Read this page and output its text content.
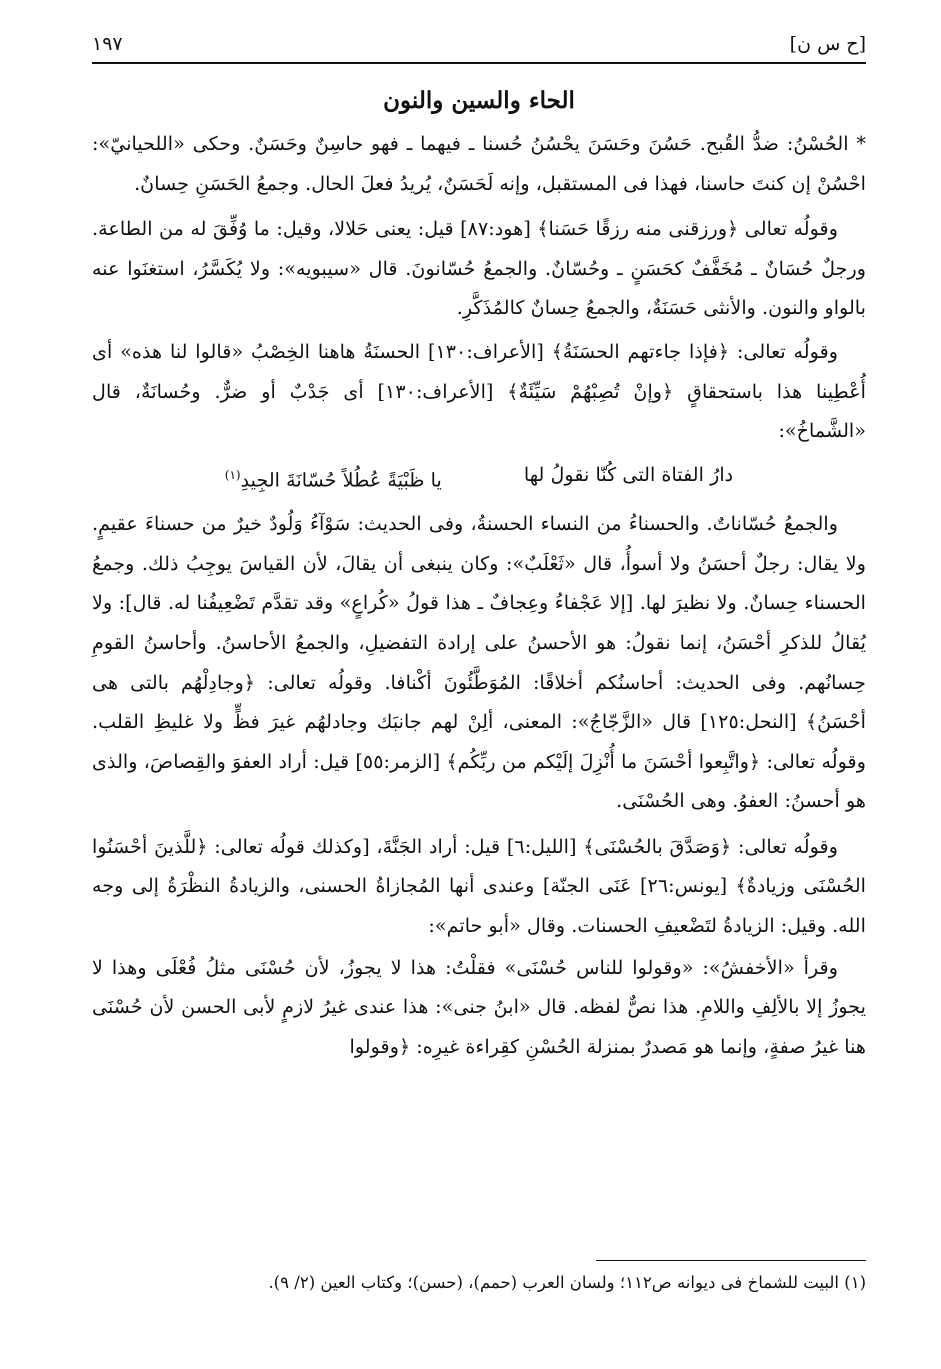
[ح س ن]
١٩٧
الحاء والسين والنون

* الحُسْنُ: ضدُّ القُبح. حَسُنَ وحَسَنَ يحْسُنُ حُسنا ـ فيهما ـ فهو حاسِنٌ وحَسَنٌ. وحكى «اللحيانيّ»: احْسُنْ إن كنتَ حاسنا، فهذا فى المستقبل، وإنه لَحَسَنٌ، يُريدُ فعلَ الحال. وجمعُ الحَسَنِ حِسانٌ.

وقولُه تعالى ﴿ورزقنى منه رزقًا حَسَنا﴾ [هود:٨٧] قيل: يعنى حَلالا، وقيل: ما وُفِّقَ له من الطاعة. ورجلٌ حُسَانٌ ـ مُخَفَّفٌ كحَسَنٍ ـ وحُسّانٌ. والجمعُ حُسّانونَ. قال «سيبويه»: ولا يُكَسَّرُ، استغنَوا عنه بالواو والنون. والأنثى حَسَنَةٌ، والجمعُ حِسانٌ كالمُذَكَّرِ.

وقولُه تعالى: ﴿فإذا جاءتهم الحسَنَةُ﴾ [الأعراف:١٣٠] الحسنَةُ هاهنا الخِصْبُ «قالوا لنا هذه» أى أُعْطِينا هذا باستحقاقٍ ﴿وإنْ تُصِبْهُمْ سَيِّئَةٌ﴾ [الأعراف:١٣٠] أى جَدْبٌ أو ضرٌّ. وحُسانَةٌ، قال «الشَّماخُ»:

دارُ الفتاة التى كُنّا نقولُ لها
يا ظَبْيَةً عُطُلاً حُسّانَةَ الجِيدِ$^{(١)}$

والجمعُ حُسّاناتٌ. والحسناءُ من النساء الحسنةُ، وفى الحديث: سَوْآءُ وَلُودٌ خيرٌ من حسناءَ عقيمٍ. ولا يقال: رجلٌ أحسَنُ ولا أسوأُ، قال «ثَعْلَبٌ»: وكان ينبغى أن يقالَ، لأن القياسَ يوجِبُ ذلك. وجمعُ الحسناء حِسانٌ. ولا نظيرَ لها. [إلا عَجْفاءُ وعِجافٌ ـ هذا قولُ «كُراعٍ» وقد تقدَّم تَضْعِيفُنا له. قال]: ولا يُقالُ للذكرِ أحْسَنُ، إنما نقولُ: هو الأحسنُ على إرادة التفضيلِ، والجمعُ الأحاسنُ. وأحاسنُ القومِ حِسانُهم. وفى الحديث: أحاسنُكم أخلاقًا: المُوَطَّئُونَ أكْنافا. وقولُه تعالى: ﴿وجادِلْهُم بالتى هى أحْسَنُ﴾ [النحل:١٢٥] قال «الزَّجّاجُ»: المعنى، ألِنْ لهم جانبَك وجادلهُم غيرَ فظٍّ ولا غليظِ القلب. وقولُه تعالى: ﴿واتَّبِعوا أحْسَنَ ما أُنْزِلَ إلَيْكم من ربِّكُم﴾ [الزمر:٥٥] قيل: أراد العفوَ والقِصاصَ، والذى هو أحسنُ: العفوُ. وهى الحُسْنَى.

وقولُه تعالى: ﴿وَصَدَّقَ بالحُسْنَى﴾ [الليل:٦] قيل: أراد الجَنَّةَ، [وكذلك قولُه تعالى: ﴿للَّذينَ أحْسَنُوا الحُسْنَى وزيادةٌ﴾ [يونس:٢٦] عَنَى الجنّة] وعندى أنها المُجازاةُ الحسنى، والزيادةُ النظْرَةُ إلى وجه الله. وقيل: الزيادةُ لتَضْعيفِ الحسنات. وقال «أبو حاتم»:

وقرأ «الأخفشُ»: «وقولوا للناس حُسْنَى» فقلْتُ: هذا لا يجوزُ، لأن حُسْنَى مثلُ فُعْلَى وهذا لا يجوزُ إلا بالألِفِ واللامِ. هذا نصٌّ لفظه. قال «ابنُ جنى»: هذا عندى غيرُ لازمٍ لأبى الحسن لأن حُسْنَى هنا غيرُ صفةٍ، وإنما هو مَصدرٌ بمنزلة الحُسْنِ كقِراءة غيرِه: ﴿وقولوا

(١) البيت للشماخ فى ديوانه ص١١٢؛ ولسان العرب (حمم)، (حسن)؛ وكتاب العين (٢/ ٩).
